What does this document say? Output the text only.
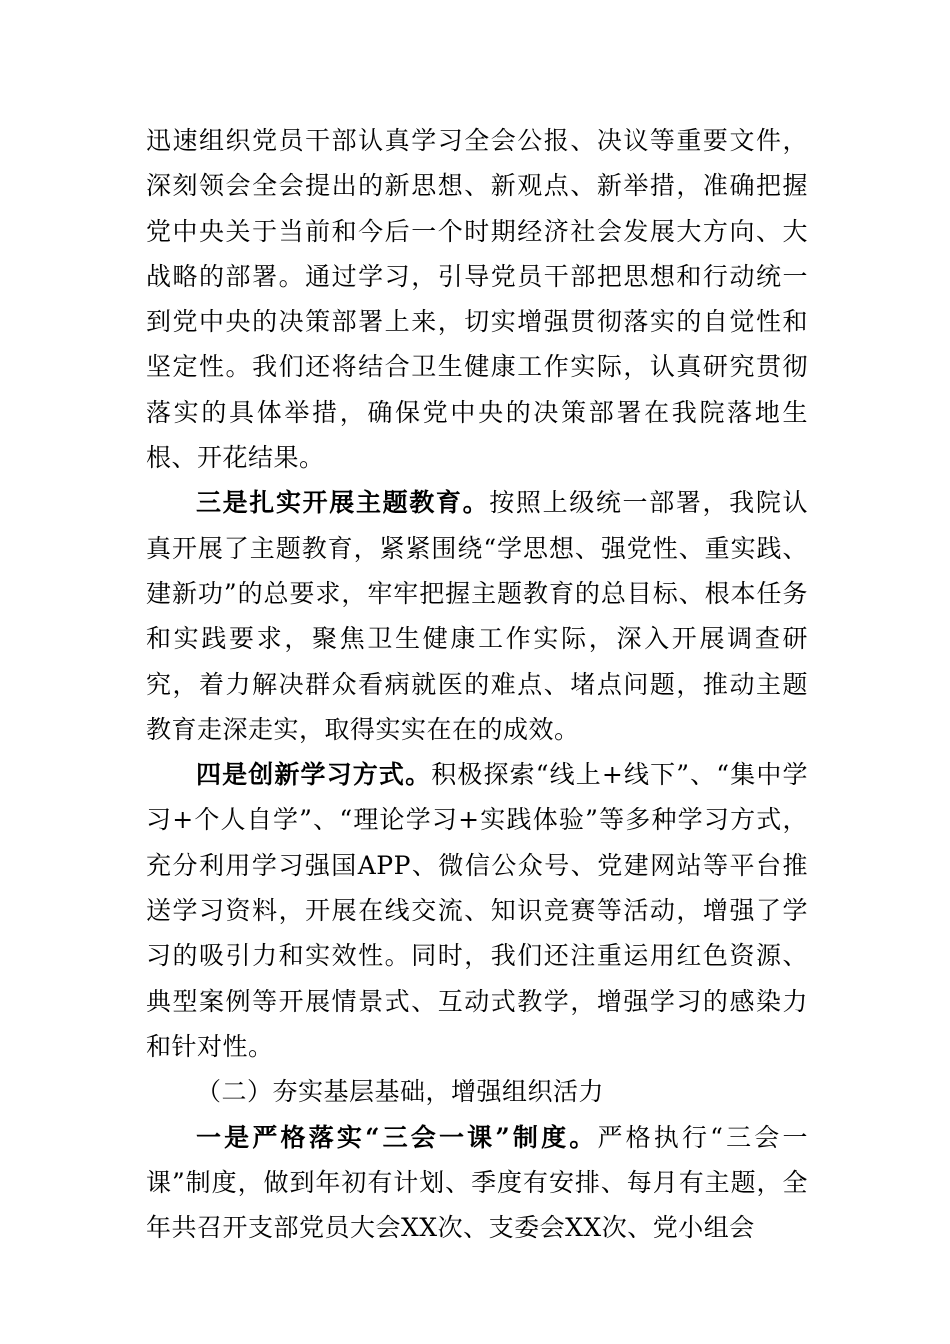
迅速组织党员干部认真学习全会公报、决议等重要文件，深刻领会全会提出的新思想、新观点、新举措，准确把握党中央关于当前和今后一个时期经济社会发展大方向、大战略的部署。通过学习，引导党员干部把思想和行动统一到党中央的决策部署上来，切实增强贯彻落实的自觉性和坚定性。我们还将结合卫生健康工作实际，认真研究贯彻落实的具体举措，确保党中央的决策部署在我院落地生根、开花结果。

三是扎实开展主题教育。按照上级统一部署，我院认真开展了主题教育，紧紧围绕“学思想、强党性、重实践、建新功”的总要求，牢牢把握主题教育的总目标、根本任务和实践要求，聚焦卫生健康工作实际，深入开展调查研究，着力解决群众看病就医的难点、堵点问题，推动主题教育走深走实，取得实实在在的成效。

四是创新学习方式。积极探索“线上+线下”、“集中学习+个人自学”、“理论学习+实践体验”等多种学习方式，充分利用学习强国APP、微信公众号、党建网站等平台推送学习资料，开展在线交流、知识竞赛等活动，增强了学习的吸引力和实效性。同时，我们还注重运用红色资源、典型案例等开展情景式、互动式教学，增强学习的感染力和针对性。

（二）夯实基层基础，增强组织活力

一是严格落实“三会一课”制度。严格执行“三会一课”制度，做到年初有计划、季度有安排、每月有主题，全年共召开支部党员大会XX次、支委会XX次、党小组会
